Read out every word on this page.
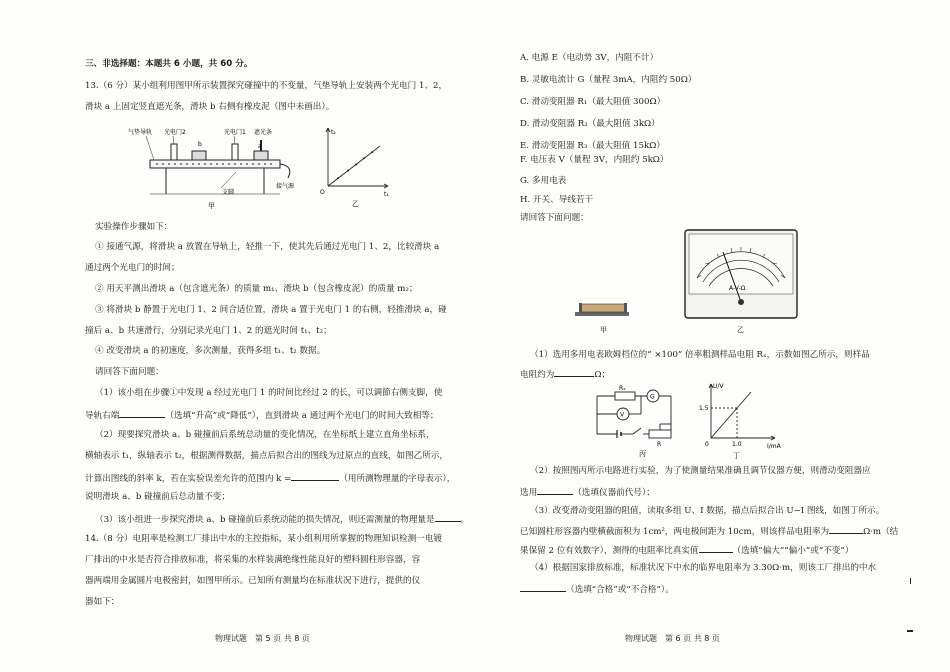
三、非选择题：本题共 6 小题，共 60 分。
13.（6 分）某小组利用图甲所示装置探究碰撞中的不变量，气垫导轨上安装两个光电门 1、2，
滑块 a 上固定竖直遮光条，滑块 b 右侧有橡皮泥（图中未画出）。
气垫导轨 光电门2
b
光电门1 遮光条
a
支脚
接气源
甲
t₂
t₁
O
乙
实验操作步骤如下：
① 接通气源，将滑块 a 放置在导轨上，轻推一下，使其先后通过光电门 1、2，比较滑块 a
通过两个光电门的时间；
② 用天平测出滑块 a（包含遮光条）的质量 m₁、滑块 b（包含橡皮泥）的质量 m₂；
③ 将滑块 b 静置于光电门 1、2 间合适位置，滑块 a 置于光电门 1 的右侧，轻推滑块 a，碰
撞后 a、b 共速滑行，分别记录光电门 1、2 的遮光时间 t₁、t₂；
④ 改变滑块 a 的初速度，多次测量，获得多组 t₁、t₂ 数据。
请回答下面问题：
（1）该小组在步骤①中发现 a 经过光电门 1 的时间比经过 2 的长，可以调節右侧支脚，使
导轨右端	（选填“升高”或“降低”），直到滑块 a 通过两个光电门的时间大致相等；
（2）现要探究滑块 a、b 碰撞前后系统总动量的变化情况，在坐标纸上建立直角坐标系，
横轴表示 t₁，纵轴表示 t₂，根据测得数据，描点后拟合出的图线为过原点的直线，如图乙所示，
计算出图线的斜率 k，若在实验误差允许的范围内 k =	（用所测物理量的字母表示），
说明滑块 a、b 碰撞前后总动量不变；
（3）该小组进一步探究滑块 a、b 碰撞前后系统动能的损失情况，则还需测量的物理量是	。
14.（8 分）电阻率是检测工厂排出中水的主控指标，某小组利用所掌握的物理知识检测一电镀
厂排出的中水是否符合排放标准，将采集的水样装满绝缘性能良好的塑料圆柱形容器，容
器两端用金属圆片电极密封，如图甲所示。已知所有测量均在标准状况下进行，提供的仪
器如下：
物理试题　第 5 页 共 8 页
A. 电源 E（电动势 3V，内阻不计）
B. 灵敏电流计 G（量程 3mA，内阻约 50Ω）
C. 滑动变阻器 R₁（最大阻值 300Ω）
D. 滑动变阻器 R₂（最大阻值 3kΩ）
E. 滑动变阻器 R₃（最大阻值 15kΩ）
F. 电压表 V（量程 3V，内阻约 5kΩ）
G. 多用电表
H. 开关、导线若干
请回答下面问题：
甲
A-V-Ω
乙
（1）选用多用电表欧姆档位的“ ×100” 倍率粗测样品电阻 Rₓ，示数如图乙所示，则样品
电阻约为	Ω；
Rₓ
V
G
R
丙
U/V
I/mA
1.5
1.0
0
丁
（2）按照图丙所示电路进行实验，为了使测量结果准确且调节仪器方便，则滑动变阻器应
选用	（选填仪器前代号）；
（3）改变滑动变阻器的阻值，读取多组 U、I 数据，描点后拟合出 U−I 图线，如图丁所示。
已知圆柱形容器内壁横截面积为 1cm²，两电极间距为 10cm，则该样品电阻率为	Ω·m（结
果保留 2 位有效数字），测得的电阻率比真实值	（选填“偏大”“偏小”或“不变”）
（4）根据国家排放标准，标准状况下中水的临界电阻率为 3.30Ω·m，则该工厂排出的中水
（选填“合格”或“不合格”）。
物理试题　第 6 页 共 8 页
